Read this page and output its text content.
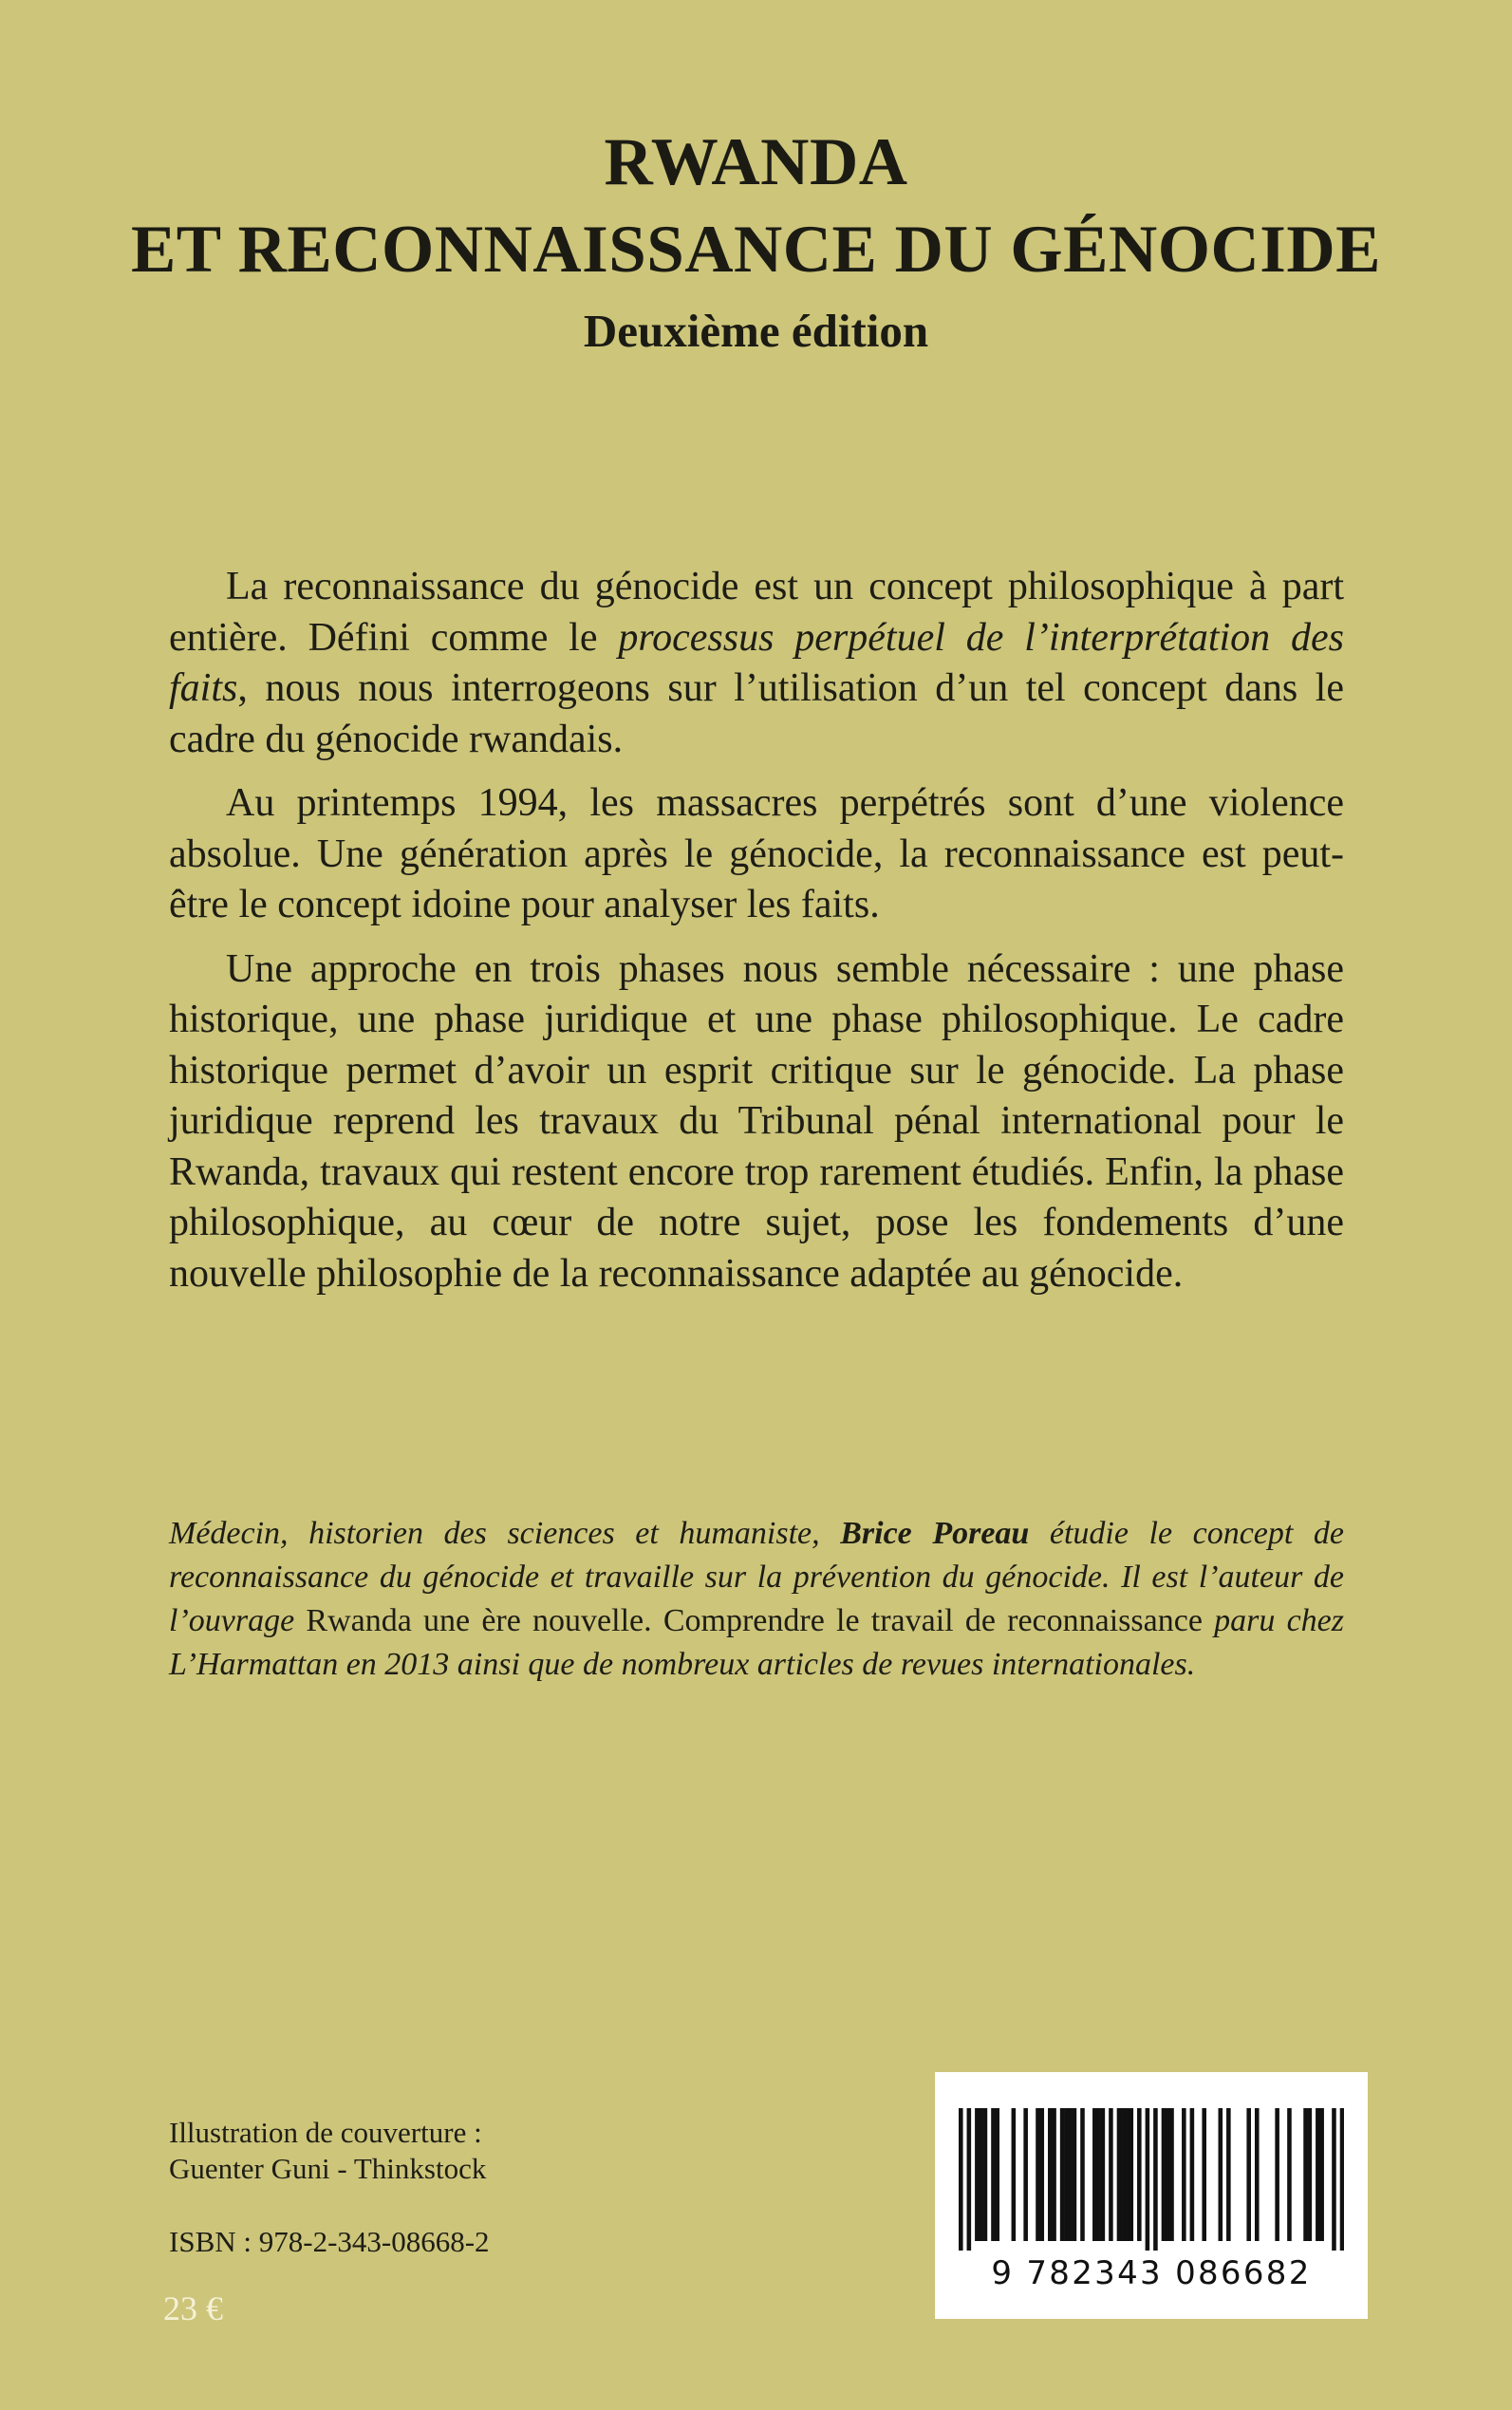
RWANDA
ET RECONNAISSANCE DU GÉNOCIDE
Deuxième édition

La reconnaissance du génocide est un concept philosophique à part entière. Défini comme le processus perpétuel de l’interprétation des faits, nous nous interrogeons sur l’utilisation d’un tel concept dans le cadre du génocide rwandais.

Au printemps 1994, les massacres perpétrés sont d’une violence absolue. Une génération après le génocide, la reconnaissance est peut-être le concept idoine pour analyser les faits.

Une approche en trois phases nous semble nécessaire : une phase historique, une phase juridique et une phase philosophique. Le cadre historique permet d’avoir un esprit critique sur le génocide. La phase juridique reprend les travaux du Tribunal pénal international pour le Rwanda, travaux qui restent encore trop rarement étudiés. Enfin, la phase philosophique, au cœur de notre sujet, pose les fondements d’une nouvelle philosophie de la reconnaissance adaptée au génocide.

Médecin, historien des sciences et humaniste, Brice Poreau étudie le concept de reconnaissance du génocide et travaille sur la prévention du génocide. Il est l’auteur de l’ouvrage Rwanda une ère nouvelle. Comprendre le travail de reconnaissance paru chez L’Harmattan en 2013 ainsi que de nombreux articles de revues internationales.
Illustration de couverture :
Guenter Guni - Thinkstock
ISBN : 978-2-343-08668-2
23 €
9 782343 086682
